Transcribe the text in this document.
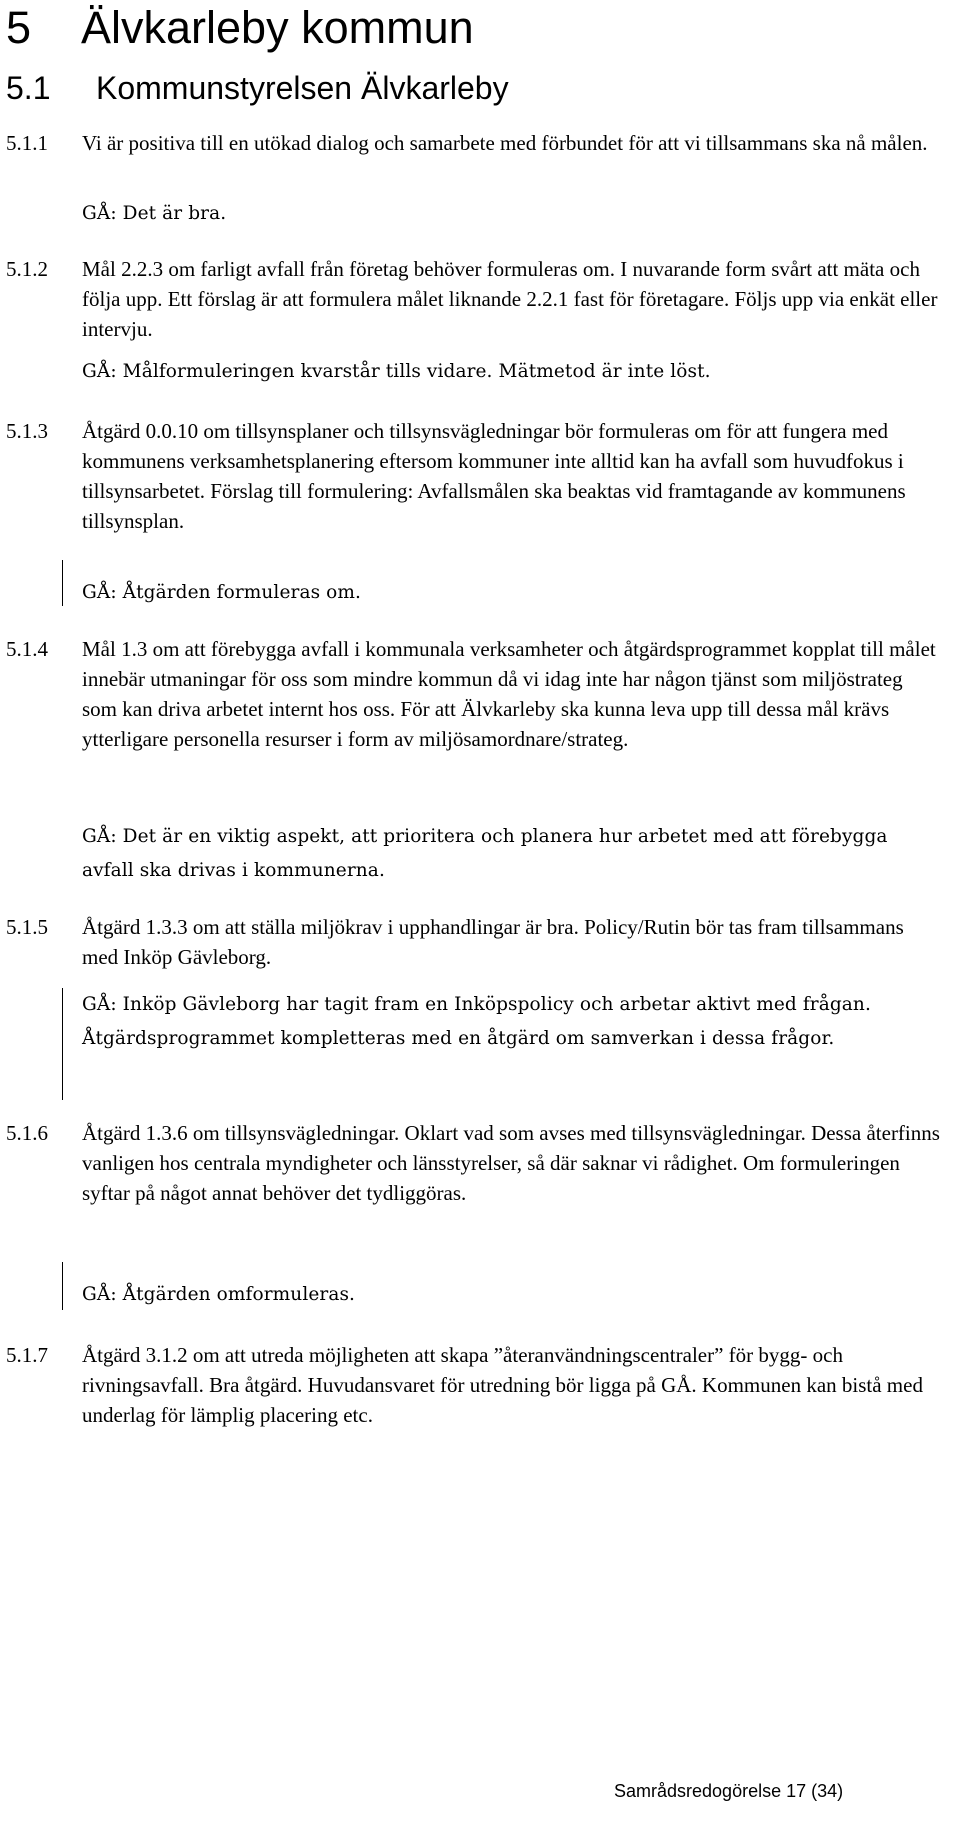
5 Älvkarleby kommun
5.1 Kommunstyrelsen Älvkarleby
5.1.1	Vi är positiva till en utökad dialog och samarbete med förbundet för att vi tillsammans ska nå målen.
GÅ: Det är bra.
5.1.2	Mål 2.2.3 om farligt avfall från företag behöver formuleras om. I nuvarande form svårt att mäta och följa upp. Ett förslag är att formulera målet liknande 2.2.1 fast för företagare. Följs upp via enkät eller intervju.
GÅ: Målformuleringen kvarstår tills vidare. Mätmetod är inte löst.
5.1.3	Åtgärd 0.0.10 om tillsynsplaner och tillsynsvägledningar bör formuleras om för att fungera med kommunens verksamhetsplanering eftersom kommuner inte alltid kan ha avfall som huvudfokus i tillsynsarbetet. Förslag till formulering: Avfallsmålen ska beaktas vid framtagande av kommunens tillsynsplan.
GÅ: Åtgärden formuleras om.
5.1.4	Mål 1.3 om att förebygga avfall i kommunala verksamheter och åtgärdsprogrammet kopplat till målet innebär utmaningar för oss som mindre kommun då vi idag inte har någon tjänst som miljöstrateg som kan driva arbetet internt hos oss. För att Älvkarleby ska kunna leva upp till dessa mål krävs ytterligare personella resurser i form av miljösamordnare/strateg.
GÅ: Det är en viktig aspekt, att prioritera och planera hur arbetet med att förebygga avfall ska drivas i kommunerna.
5.1.5	Åtgärd 1.3.3 om att ställa miljökrav i upphandlingar är bra. Policy/Rutin bör tas fram tillsammans med Inköp Gävleborg.
GÅ: Inköp Gävleborg har tagit fram en Inköpspolicy och arbetar aktivt med frågan. Åtgärdsprogrammet kompletteras med en åtgärd om samverkan i dessa frågor.
5.1.6	Åtgärd 1.3.6 om tillsynsvägledningar. Oklart vad som avses med tillsynsvägledningar. Dessa återfinns vanligen hos centrala myndigheter och länsstyrelser, så där saknar vi rådighet. Om formuleringen syftar på något annat behöver det tydliggöras.
GÅ: Åtgärden omformuleras.
5.1.7	Åtgärd 3.1.2 om att utreda möjligheten att skapa ”återanvändningscentraler” för bygg- och rivningsavfall. Bra åtgärd. Huvudansvaret för utredning bör ligga på GÅ. Kommunen kan bistå med underlag för lämplig placering etc.
Samrådsredogörelse 17 (34)
